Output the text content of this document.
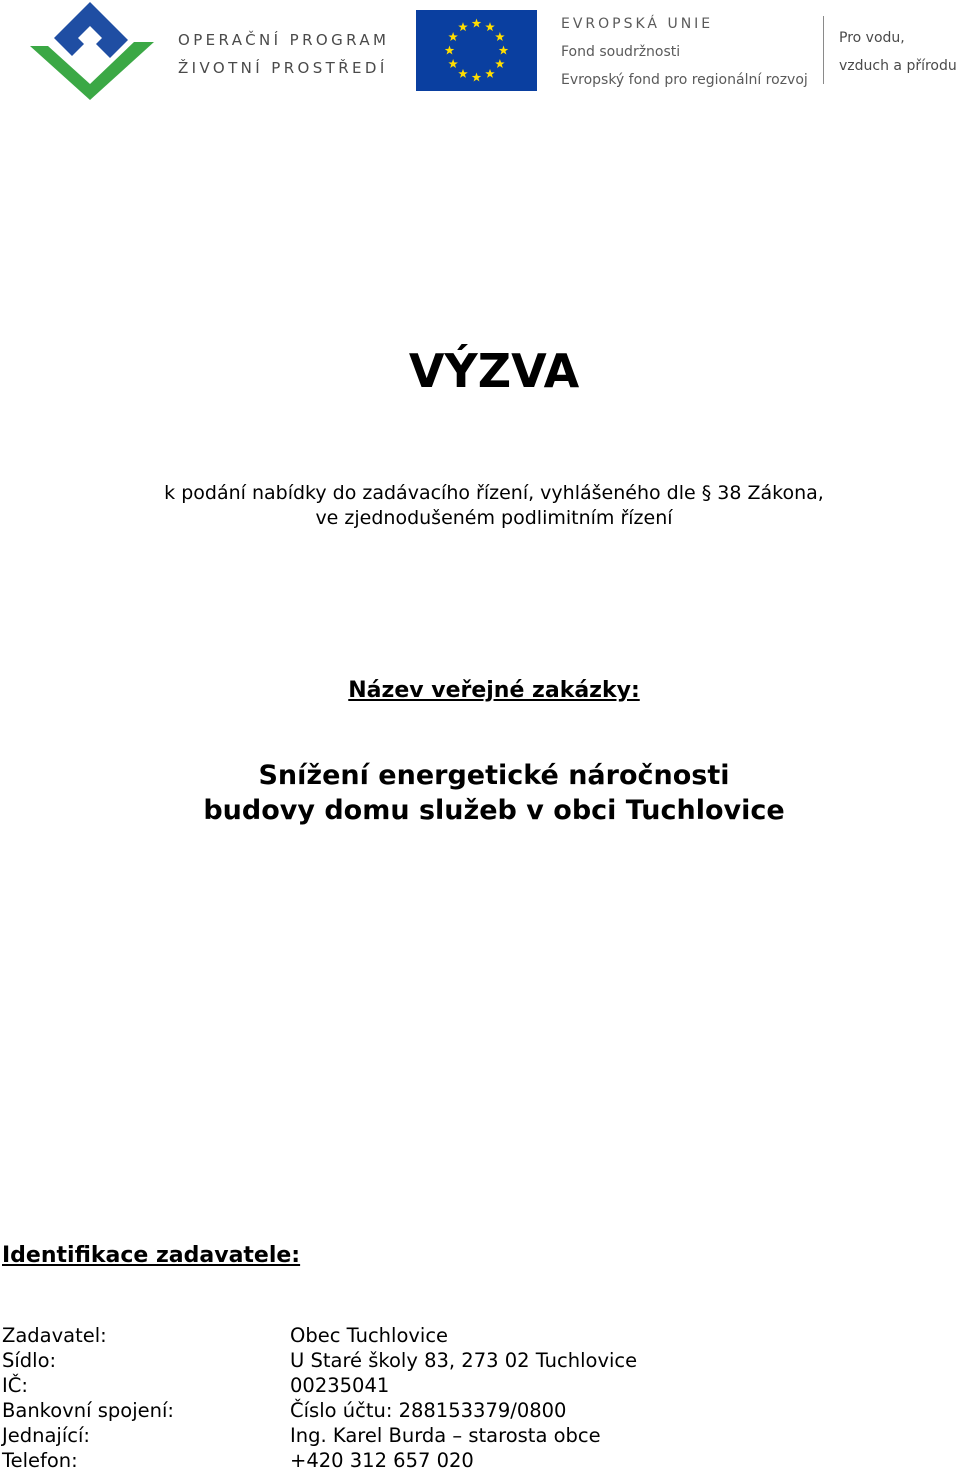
OPERAČNÍ PROGRAM
ŽIVOTNÍ PROSTŘEDÍ
EVROPSKÁ UNIE
Fond soudržnosti
Evropský fond pro regionální rozvoj
Pro vodu,
vzduch a přírodu
VÝZVA
k podání nabídky do zadávacího řízení, vyhlášeného dle § 38 Zákona,
ve zjednodušeném podlimitním řízení
Název veřejné zakázky:
Snížení energetické náročnosti
budovy domu služeb v obci Tuchlovice
Identifikace zadavatele:
Zadavatel:	Obec Tuchlovice
Sídlo:	U Staré školy 83, 273 02 Tuchlovice
IČ:	00235041
Bankovní spojení:	Číslo účtu: 288153379/0800
Jednající:	Ing. Karel Burda – starosta obce
Telefon:	+420 312 657 020
